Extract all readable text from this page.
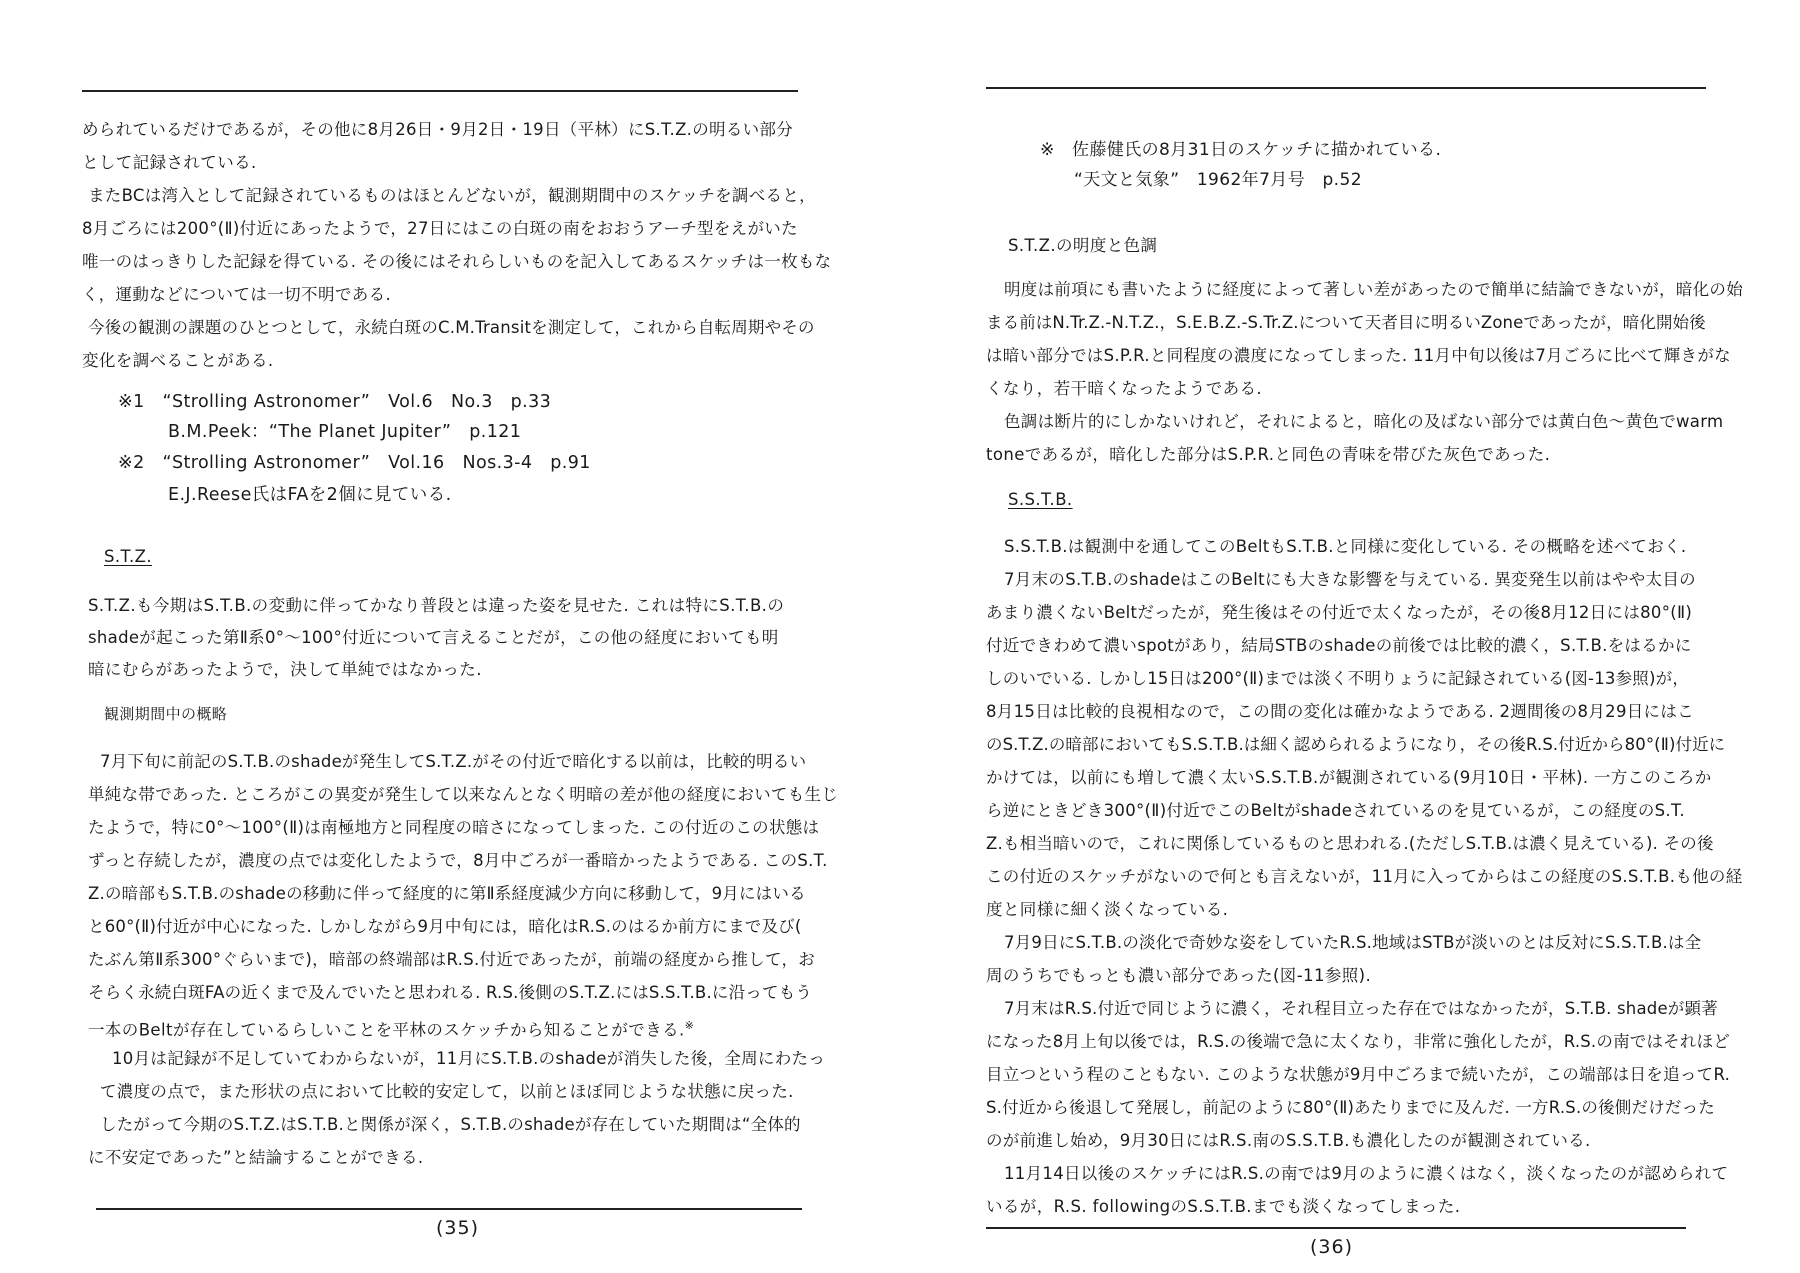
められているだけであるが，その他に8月26日・9月2日・19日（平林）にS.T.Z.の明るい部分
として記録されている.
またBCは湾入として記録されているものはほとんどないが，観測期間中のスケッチを調べると，
8月ごろには200°(Ⅱ)付近にあったようで，27日にはこの白斑の南をおおうアーチ型をえがいた
唯一のはっきりした記録を得ている. その後にはそれらしいものを記入してあるスケッチは一枚もな
く，運動などについては一切不明である.
今後の観測の課題のひとつとして，永続白斑のC.M.Transitを測定して，これから自転周期やその
変化を調べることがある.
※1　“Strolling Astronomer”　Vol.6　No.3　p.33
B.M.Peek：“The Planet Jupiter”　p.121
※2　“Strolling Astronomer”　Vol.16　Nos.3-4　p.91
E.J.Reese氏はFAを2個に見ている.
S.T.Z.
S.T.Z.も今期はS.T.B.の変動に伴ってかなり普段とは違った姿を見せた. これは特にS.T.B.の
shadeが起こった第Ⅱ系0°～100°付近について言えることだが，この他の経度においても明
暗にむらがあったようで，決して単純ではなかった.
観測期間中の概略
7月下旬に前記のS.T.B.のshadeが発生してS.T.Z.がその付近で暗化する以前は，比較的明るい
単純な帯であった. ところがこの異変が発生して以来なんとなく明暗の差が他の経度においても生じ
たようで，特に0°～100°(Ⅱ)は南極地方と同程度の暗さになってしまった. この付近のこの状態は
ずっと存続したが，濃度の点では変化したようで，8月中ごろが一番暗かったようである. このS.T.
Z.の暗部もS.T.B.のshadeの移動に伴って経度的に第Ⅱ系経度減少方向に移動して，9月にはいる
と60°(Ⅱ)付近が中心になった. しかしながら9月中旬には，暗化はR.S.のはるか前方にまで及び(
たぶん第Ⅱ系300°ぐらいまで)，暗部の終端部はR.S.付近であったが，前端の経度から推して，お
そらく永続白斑FAの近くまで及んでいたと思われる. R.S.後側のS.T.Z.にはS.S.T.B.に沿ってもう
一本のBeltが存在しているらしいことを平林のスケッチから知ることができる.※
10月は記録が不足していてわからないが，11月にS.T.B.のshadeが消失した後，全周にわたっ
て濃度の点で，また形状の点において比較的安定して，以前とほぼ同じような状態に戻った.
したがって今期のS.T.Z.はS.T.B.と関係が深く，S.T.B.のshadeが存在していた期間は“全体的
に不安定であった”と結論することができる.
(35)
※　佐藤健氏の8月31日のスケッチに描かれている.
“天文と気象”　1962年7月号　p.52
S.T.Z.の明度と色調
明度は前項にも書いたように経度によって著しい差があったので簡単に結論できないが，暗化の始
まる前はN.Tr.Z.-N.T.Z.，S.E.B.Z.-S.Tr.Z.について天者目に明るいZoneであったが，暗化開始後
は暗い部分ではS.P.R.と同程度の濃度になってしまった. 11月中旬以後は7月ごろに比べて輝きがな
くなり，若干暗くなったようである.
色調は断片的にしかないけれど，それによると，暗化の及ばない部分では黄白色～黄色でwarm
toneであるが，暗化した部分はS.P.R.と同色の青味を帯びた灰色であった.
S.S.T.B.
S.S.T.B.は観測中を通してこのBeltもS.T.B.と同様に変化している. その概略を述べておく.
7月末のS.T.B.のshadeはこのBeltにも大きな影響を与えている. 異変発生以前はやや太目の
あまり濃くないBeltだったが，発生後はその付近で太くなったが，その後8月12日には80°(Ⅱ)
付近できわめて濃いspotがあり，結局STBのshadeの前後では比較的濃く，S.T.B.をはるかに
しのいでいる. しかし15日は200°(Ⅱ)までは淡く不明りょうに記録されている(図-13参照)が，
8月15日は比較的良視相なので，この間の変化は確かなようである. 2週間後の8月29日にはこ
のS.T.Z.の暗部においてもS.S.T.B.は細く認められるようになり，その後R.S.付近から80°(Ⅱ)付近に
かけては，以前にも増して濃く太いS.S.T.B.が観測されている(9月10日・平林). 一方このころか
ら逆にときどき300°(Ⅱ)付近でこのBeltがshadeされているのを見ているが，この経度のS.T.
Z.も相当暗いので，これに関係しているものと思われる.(ただしS.T.B.は濃く見えている). その後
この付近のスケッチがないので何とも言えないが，11月に入ってからはこの経度のS.S.T.B.も他の経
度と同様に細く淡くなっている.
7月9日にS.T.B.の淡化で奇妙な姿をしていたR.S.地域はSTBが淡いのとは反対にS.S.T.B.は全
周のうちでもっとも濃い部分であった(図-11参照).
7月末はR.S.付近で同じように濃く，それ程目立った存在ではなかったが，S.T.B. shadeが顕著
になった8月上旬以後では，R.S.の後端で急に太くなり，非常に強化したが，R.S.の南ではそれほど
目立つという程のこともない. このような状態が9月中ごろまで続いたが，この端部は日を追ってR.
S.付近から後退して発展し，前記のように80°(Ⅱ)あたりまでに及んだ. 一方R.S.の後側だけだった
のが前進し始め，9月30日にはR.S.南のS.S.T.B.も濃化したのが観測されている.
11月14日以後のスケッチにはR.S.の南では9月のように濃くはなく，淡くなったのが認められて
いるが，R.S. followingのS.S.T.B.までも淡くなってしまった.
(36)
